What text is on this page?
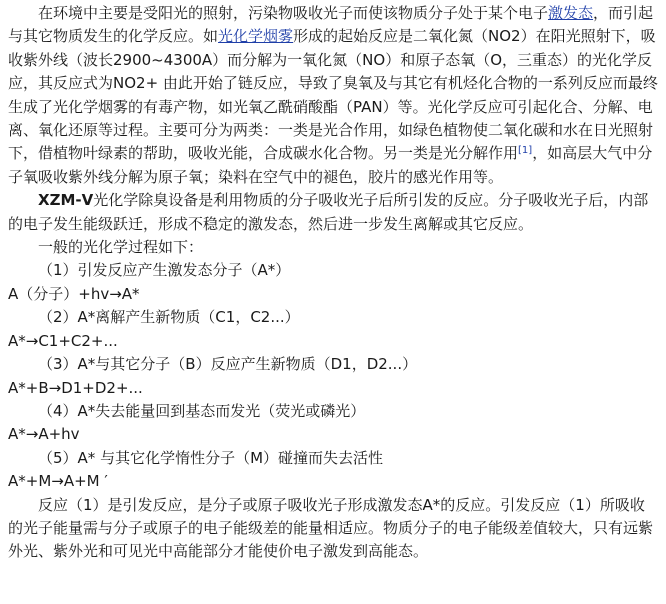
在环境中主要是受阳光的照射，污染物吸收光子而使该物质分子处于某个电子激发态，而引起与其它物质发生的化学反应。如光化学烟雾形成的起始反应是二氧化氮（NO2）在阳光照射下，吸收紫外线（波长2900~4300A）而分解为一氧化氮（NO）和原子态氧（O，三重态）的光化学反应，其反应式为NO2+ 由此开始了链反应，导致了臭氧及与其它有机烃化合物的一系列反应而最终生成了光化学烟雾的有毒产物，如光氧乙酰硝酸酯（PAN）等。光化学反应可引起化合、分解、电离、氧化还原等过程。主要可分为两类：一类是光合作用，如绿色植物使二氧化碳和水在日光照射下，借植物叶绿素的帮助，吸收光能，合成碳水化合物。另一类是光分解作用[1]，如高层大气中分子氧吸收紫外线分解为原子氧；染料在空气中的褪色，胶片的感光作用等。

XZM-Ⅴ光化学除臭设备是利用物质的分子吸收光子后所引发的反应。分子吸收光子后，内部的电子发生能级跃迁，形成不稳定的激发态，然后进一步发生离解或其它反应。

一般的光化学过程如下：

（1）引发反应产生激发态分子（A*）

A（分子）+hv→A*

（2）A*离解产生新物质（C1，C2...）

A*→C1+C2+...

（3）A*与其它分子（B）反应产生新物质（D1，D2...）

A*+B→D1+D2+...

（4）A*失去能量回到基态而发光（荧光或磷光）

A*→A+hv

（5）A* 与其它化学惰性分子（M）碰撞而失去活性

A*+M→A+M ′

反应（1）是引发反应，是分子或原子吸收光子形成激发态A*的反应。引发反应（1）所吸收的光子能量需与分子或原子的电子能级差的能量相适应。物质分子的电子能级差值较大，只有远紫外光、紫外光和可见光中高能部分才能使价电子激发到高能态。
